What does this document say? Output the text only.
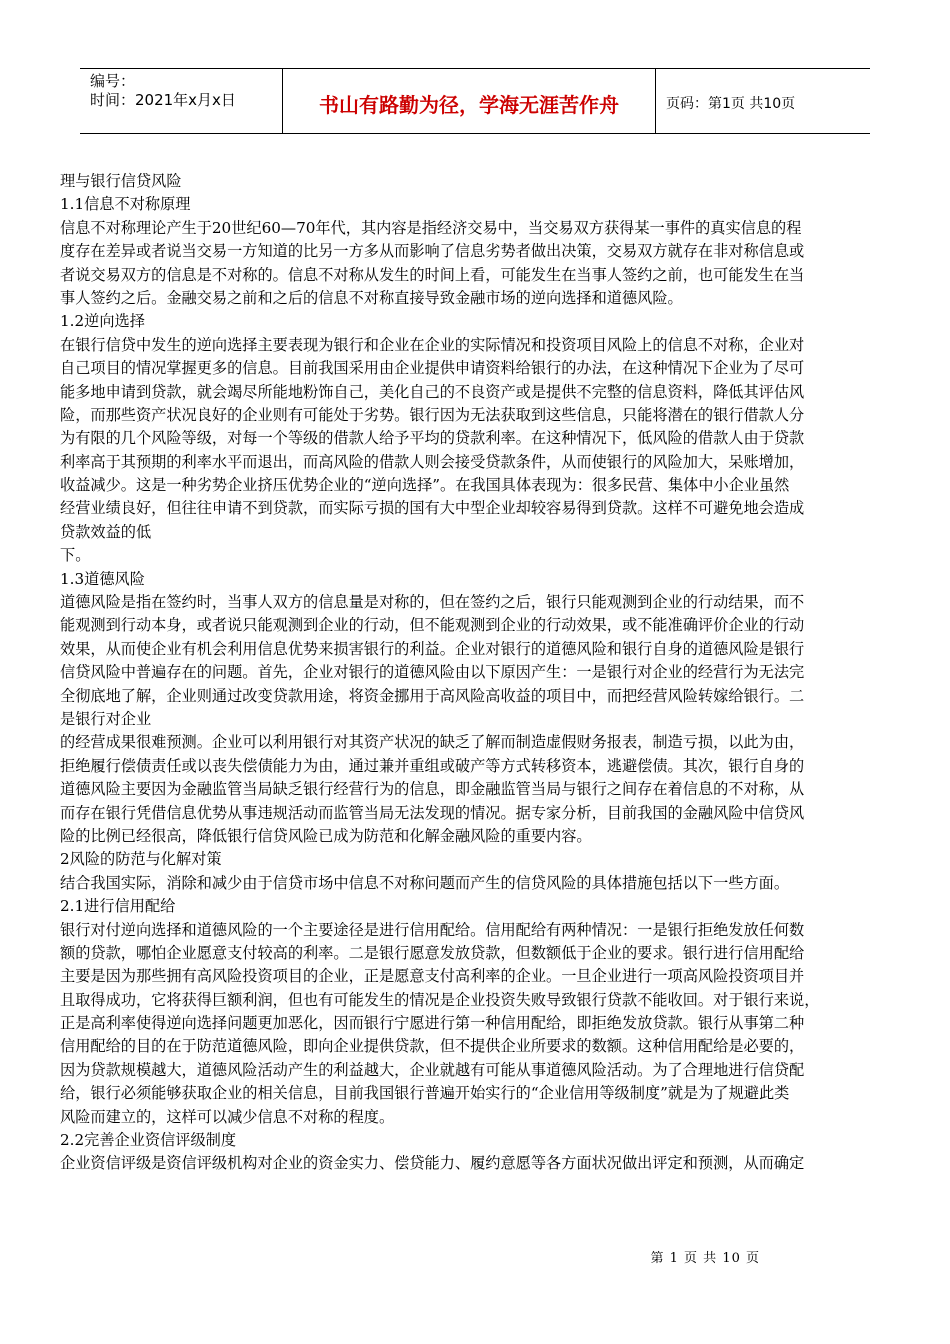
编号：
时间：2021年x月x日	书山有路勤为径，学海无涯苦作舟	页码：第1页 共10页
理与银行信贷风险
1.1信息不对称原理
信息不对称理论产生于20世纪60—70年代，其内容是指经济交易中，当交易双方获得某一事件的真实信息的程
度存在差异或者说当交易一方知道的比另一方多从而影响了信息劣势者做出决策，交易双方就存在非对称信息或
者说交易双方的信息是不对称的。信息不对称从发生的时间上看，可能发生在当事人签约之前，也可能发生在当
事人签约之后。金融交易之前和之后的信息不对称直接导致金融市场的逆向选择和道德风险。
1.2逆向选择
在银行信贷中发生的逆向选择主要表现为银行和企业在企业的实际情况和投资项目风险上的信息不对称，企业对
自己项目的情况掌握更多的信息。目前我国采用由企业提供申请资料给银行的办法，在这种情况下企业为了尽可
能多地申请到贷款，就会竭尽所能地粉饰自己，美化自己的不良资产或是提供不完整的信息资料，降低其评估风
险，而那些资产状况良好的企业则有可能处于劣势。银行因为无法获取到这些信息，只能将潜在的银行借款人分
为有限的几个风险等级，对每一个等级的借款人给予平均的贷款利率。在这种情况下，低风险的借款人由于贷款
利率高于其预期的利率水平而退出，而高风险的借款人则会接受贷款条件，从而使银行的风险加大，呆账增加，
收益减少。这是一种劣势企业挤压优势企业的“逆向选择”。在我国具体表现为：很多民营、集体中小企业虽然
经营业绩良好，但往往申请不到贷款，而实际亏损的国有大中型企业却较容易得到贷款。这样不可避免地会造成
贷款效益的低
下。
1.3道德风险
道德风险是指在签约时，当事人双方的信息量是对称的，但在签约之后，银行只能观测到企业的行动结果，而不
能观测到行动本身，或者说只能观测到企业的行动，但不能观测到企业的行动效果，或不能准确评价企业的行动
效果，从而使企业有机会利用信息优势来损害银行的利益。企业对银行的道德风险和银行自身的道德风险是银行
信贷风险中普遍存在的问题。首先，企业对银行的道德风险由以下原因产生：一是银行对企业的经营行为无法完
全彻底地了解，企业则通过改变贷款用途，将资金挪用于高风险高收益的项目中，而把经营风险转嫁给银行。二
是银行对企业
的经营成果很难预测。企业可以利用银行对其资产状况的缺乏了解而制造虚假财务报表，制造亏损，以此为由，
拒绝履行偿债责任或以丧失偿债能力为由，通过兼并重组或破产等方式转移资本，逃避偿债。其次，银行自身的
道德风险主要因为金融监管当局缺乏银行经营行为的信息，即金融监管当局与银行之间存在着信息的不对称，从
而存在银行凭借信息优势从事违规活动而监管当局无法发现的情况。据专家分析，目前我国的金融风险中信贷风
险的比例已经很高，降低银行信贷风险已成为防范和化解金融风险的重要内容。
2风险的防范与化解对策
结合我国实际，消除和减少由于信贷市场中信息不对称问题而产生的信贷风险的具体措施包括以下一些方面。
2.1进行信用配给
银行对付逆向选择和道德风险的一个主要途径是进行信用配给。信用配给有两种情况：一是银行拒绝发放任何数
额的贷款，哪怕企业愿意支付较高的利率。二是银行愿意发放贷款，但数额低于企业的要求。银行进行信用配给
主要是因为那些拥有高风险投资项目的企业，正是愿意支付高利率的企业。一旦企业进行一项高风险投资项目并
且取得成功，它将获得巨额利润，但也有可能发生的情况是企业投资失败导致银行贷款不能收回。对于银行来说，
正是高利率使得逆向选择问题更加恶化，因而银行宁愿进行第一种信用配给，即拒绝发放贷款。银行从事第二种
信用配给的目的在于防范道德风险，即向企业提供贷款，但不提供企业所要求的数额。这种信用配给是必要的，
因为贷款规模越大，道德风险活动产生的利益越大，企业就越有可能从事道德风险活动。为了合理地进行信贷配
给，银行必须能够获取企业的相关信息，目前我国银行普遍开始实行的“企业信用等级制度”就是为了规避此类
风险而建立的，这样可以减少信息不对称的程度。
2.2完善企业资信评级制度
企业资信评级是资信评级机构对企业的资金实力、偿贷能力、履约意愿等各方面状况做出评定和预测，从而确定
第 1 页 共 10 页
